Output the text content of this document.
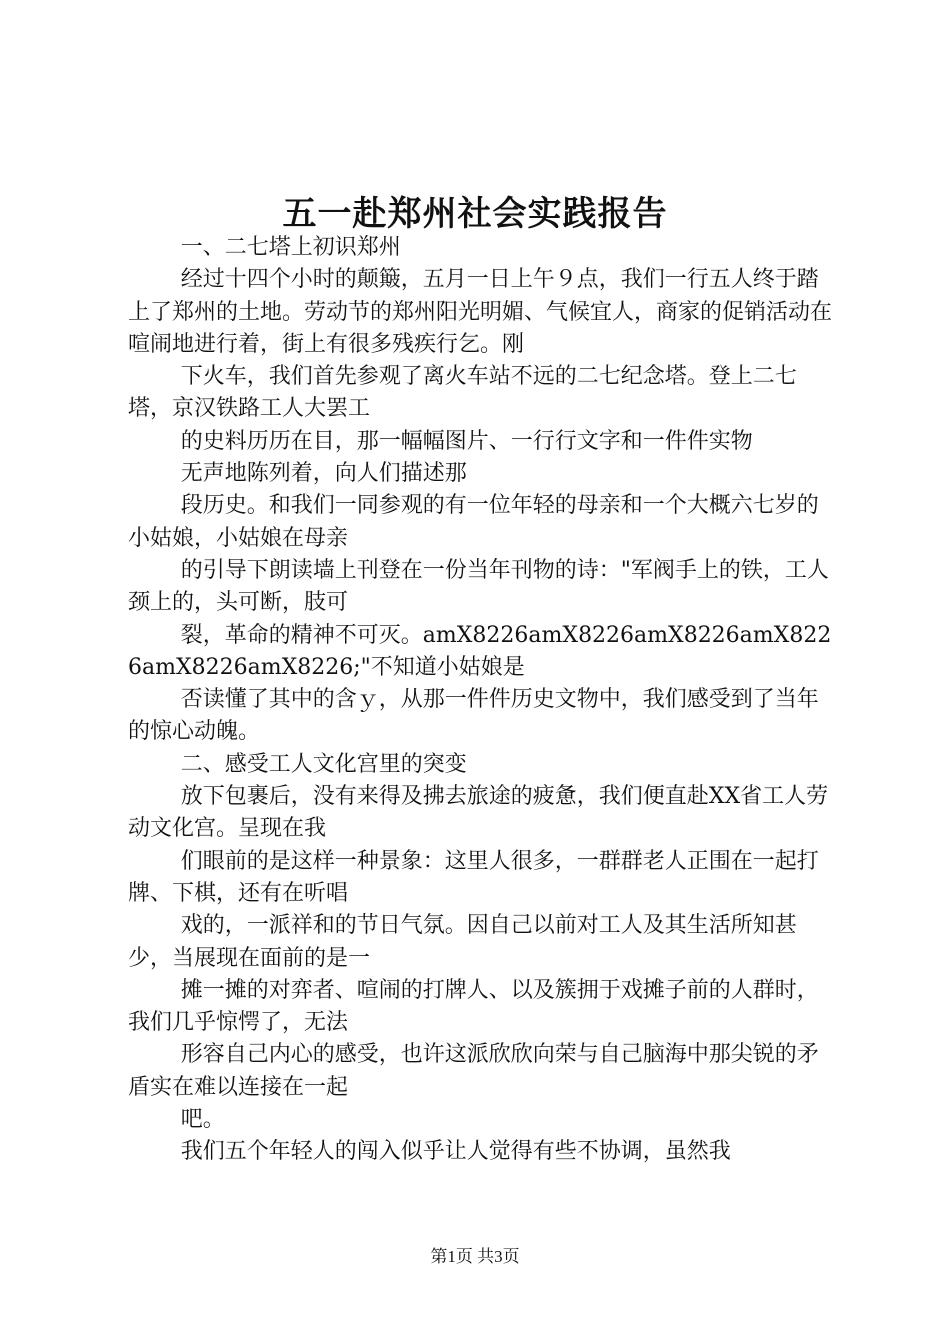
五一赴郑州社会实践报告

一、二七塔上初识郑州

经过十四个小时的颠簸，五月一日上午９点，我们一行五人终于踏上了郑州的土地。劳动节的郑州阳光明媚、气候宜人，商家的促销活动在喧闹地进行着，街上有很多残疾行乞。刚

下火车，我们首先参观了离火车站不远的二七纪念塔。登上二七塔，京汉铁路工人大罢工

的史料历历在目，那一幅幅图片、一行行文字和一件件实物

无声地陈列着，向人们描述那

段历史。和我们一同参观的有一位年轻的母亲和一个大概六七岁的小姑娘，小姑娘在母亲

的引导下朗读墙上刊登在一份当年刊物的诗："军阀手上的铁，工人颈上的，头可断，肢可

裂，革命的精神不可灭。amX8226amX8226amX8226amX8226amX8226amX8226;"不知道小姑娘是

否读懂了其中的含ｙ，从那一件件历史文物中，我们感受到了当年的惊心动魄。

二、感受工人文化宫里的突变

放下包裹后，没有来得及拂去旅途的疲惫，我们便直赴XX省工人劳动文化宫。呈现在我

们眼前的是这样一种景象：这里人很多，一群群老人正围在一起打牌、下棋，还有在听唱

戏的，一派祥和的节日气氛。因自己以前对工人及其生活所知甚少，当展现在面前的是一

摊一摊的对弈者、喧闹的打牌人、以及簇拥于戏摊子前的人群时，我们几乎惊愕了，无法

形容自己内心的感受，也许这派欣欣向荣与自己脑海中那尖锐的矛盾实在难以连接在一起

吧。

我们五个年轻人的闯入似乎让人觉得有些不协调，虽然我

第1页 共3页
